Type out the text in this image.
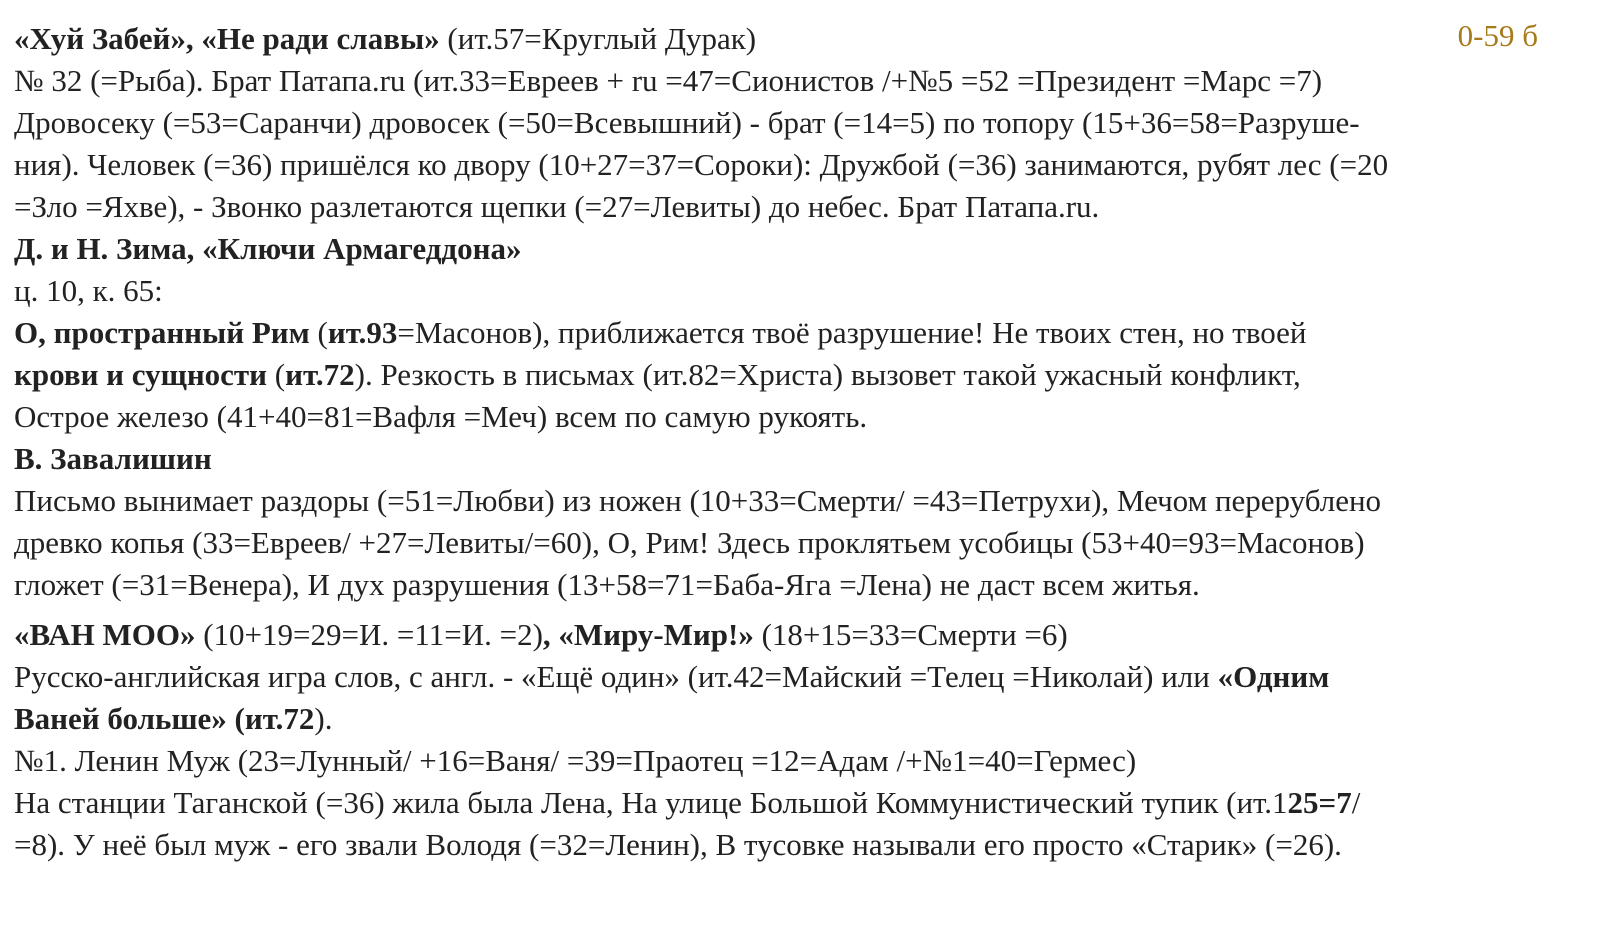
0-59 б
«Хуй Забей», «Не ради славы» (ит.57=Круглый Дурак)
№ 32 (=Рыба). Брат Патапа.ru (ит.33=Евреев + ru =47=Сионистов /+№5 =52 =Президент =Марс =7)
Дровосеку (=53=Саранчи) дровосек (=50=Всевышний) - брат (=14=5) по топору (15+36=58=Разруше-
ния). Человек (=36) пришёлся ко двору (10+27=37=Сороки): Дружбой (=36) занимаются, рубят лес (=20
=Зло =Яхве), - Звонко разлетаются щепки (=27=Левиты) до небес. Брат Патапа.ru.
Д. и Н. Зима, «Ключи Армагеддона»
ц. 10, к. 65:
О, пространный Рим (ит.93=Масонов), приближается твоё разрушение! Не твоих стен, но твоей
крови и сущности (ит.72). Резкость в письмах (ит.82=Христа) вызовет такой ужасный конфликт,
Острое железо (41+40=81=Вафля =Меч) всем по самую рукоять.
В. Завалишин
Письмо вынимает раздоры (=51=Любви) из ножен (10+33=Смерти/ =43=Петрухи), Мечом перерублено
древко копья (33=Евреев/ +27=Левиты/=60), О, Рим! Здесь проклятьем усобицы (53+40=93=Масонов)
гложет (=31=Венера), И дух разрушения (13+58=71=Баба-Яга =Лена) не даст всем житья.
«ВАН МОО» (10+19=29=И. =11=И. =2), «Миру-Мир!» (18+15=33=Смерти =6)
Русско-английская игра слов, с англ. - «Ещё один» (ит.42=Майский =Телец =Николай) или «Одним
Ваней больше» (ит.72).
№1. Ленин Муж (23=Лунный/ +16=Ваня/ =39=Праотец =12=Адам /+№1=40=Гермес)
На станции Таганской (=36) жила была Лена, На улице Большой Коммунистический тупик (ит.125=7/
=8). У неё был муж - его звали Володя (=32=Ленин), В тусовке называли его просто «Старик» (=26).
